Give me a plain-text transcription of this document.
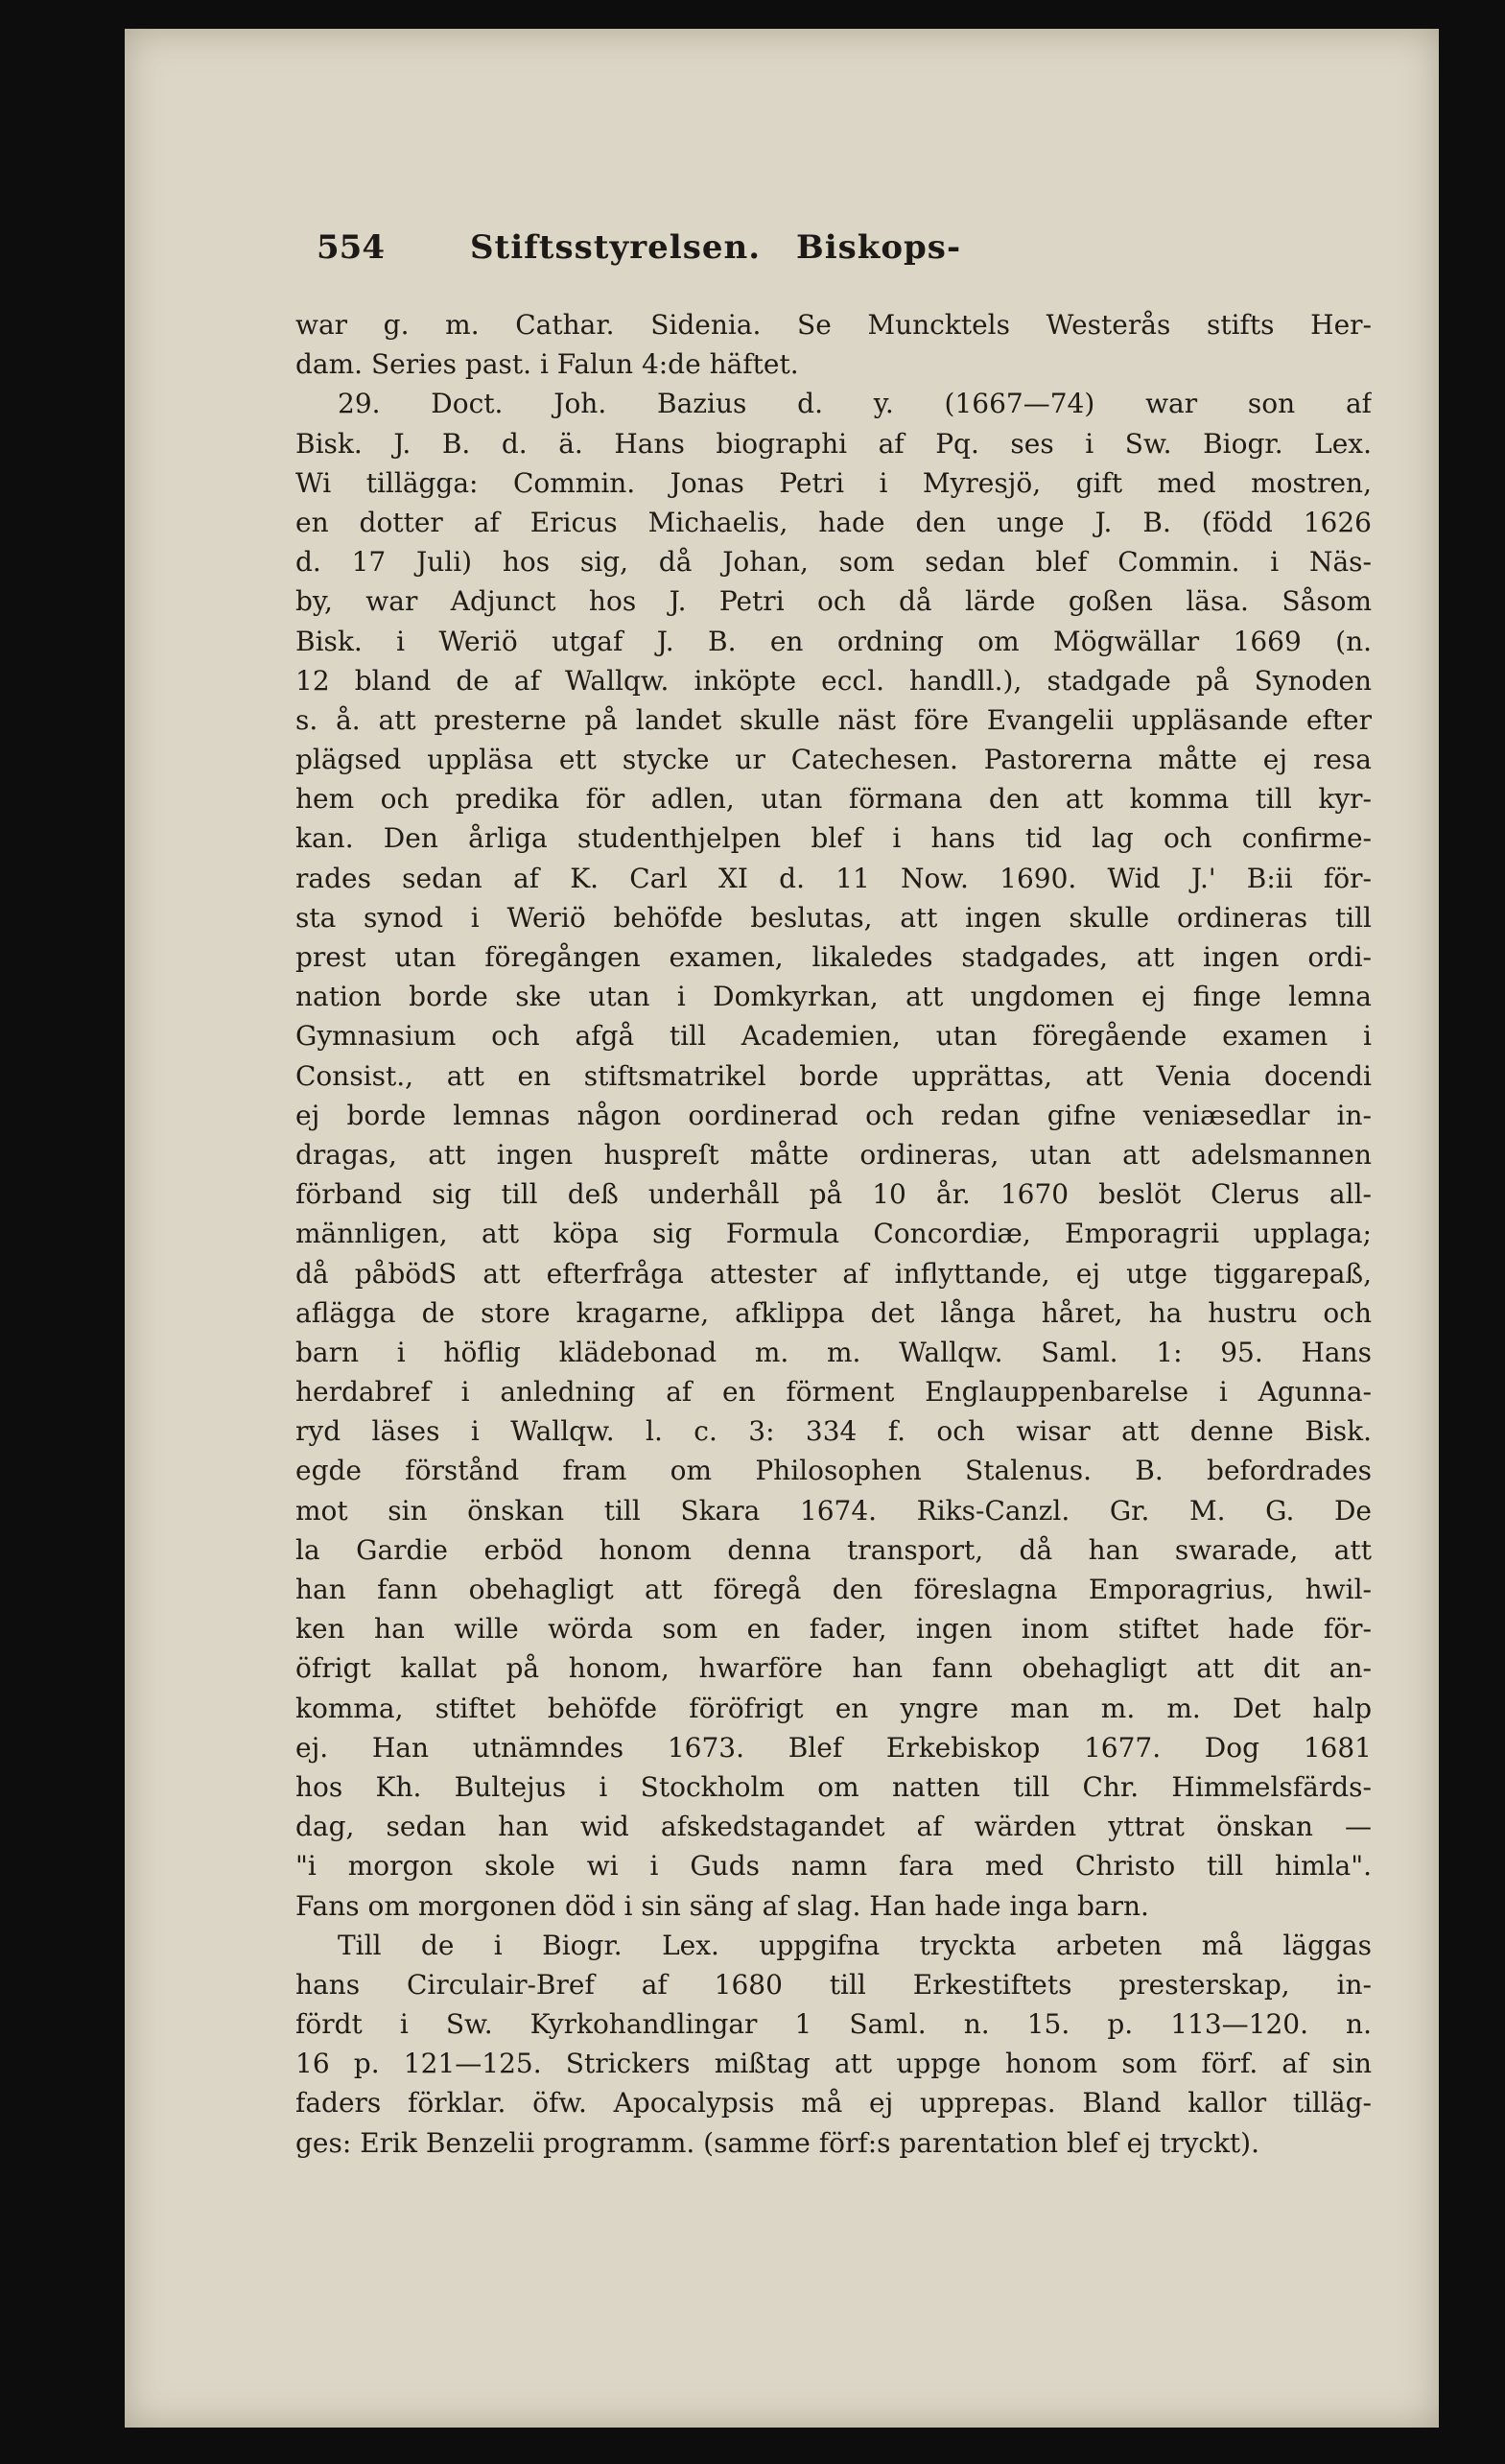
554	Stiftsstyrelsen. Biskops-
war g. m. Cathar. Sidenia. Se Muncktels Westerås stifts Her-
dam. Series past. i Falun 4:de häftet.
29. Doct. Joh. Bazius d. y. (1667—74) war son af
Bisk. J. B. d. ä. Hans biographi af Pq. ses i Sw. Biogr. Lex.
Wi tillägga: Commin. Jonas Petri i Myresjö, gift med mostren,
en dotter af Ericus Michaelis, hade den unge J. B. (född 1626
d. 17 Juli) hos sig, då Johan, som sedan blef Commin. i Näs-
by, war Adjunct hos J. Petri och då lärde goßen läsa. Såsom
Bisk. i Weriö utgaf J. B. en ordning om Mögwällar 1669 (n.
12 bland de af Wallqw. inköpte eccl. handll.), stadgade på Synoden
s. å. att presterne på landet skulle näst före Evangelii uppläsande efter
plägsed uppläsa ett stycke ur Catechesen. Pastorerna måtte ej resa
hem och predika för adlen, utan förmana den att komma till kyr-
kan. Den årliga studenthjelpen blef i hans tid lag och confirme-
rades sedan af K. Carl XI d. 11 Now. 1690. Wid J.' B:ii för-
sta synod i Weriö behöfde beslutas, att ingen skulle ordineras till
prest utan föregången examen, likaledes stadgades, att ingen ordi-
nation borde ske utan i Domkyrkan, att ungdomen ej finge lemna
Gymnasium och afgå till Academien, utan föregående examen i
Consist., att en stiftsmatrikel borde upprättas, att Venia docendi
ej borde lemnas någon oordinerad och redan gifne veniæsedlar in-
dragas, att ingen huspreſt måtte ordineras, utan att adelsmannen
förband sig till deß underhåll på 10 år. 1670 beslöt Clerus all-
männligen, att köpa sig Formula Concordiæ, Emporagrii upplaga;
då påbödS att efterfråga attester af inflyttande, ej utge tiggarepaß,
aflägga de store kragarne, afklippa det långa håret, ha hustru och
barn i höflig klädebonad m. m. Wallqw. Saml. 1: 95. Hans
herdabref i anledning af en förment Englauppenbarelse i Agunna-
ryd läses i Wallqw. l. c. 3: 334 f. och wisar att denne Bisk.
egde förstånd fram om Philosophen Stalenus. B. befordrades
mot sin önskan till Skara 1674. Riks-Canzl. Gr. M. G. De
la Gardie erböd honom denna transport, då han swarade, att
han fann obehagligt att föregå den föreslagna Emporagrius, hwil-
ken han wille wörda som en fader, ingen inom stiftet hade för-
öfrigt kallat på honom, hwarföre han fann obehagligt att dit an-
komma, stiftet behöfde föröfrigt en yngre man m. m. Det halp
ej. Han utnämndes 1673. Blef Erkebiskop 1677. Dog 1681
hos Kh. Bultejus i Stockholm om natten till Chr. Himmelsfärds-
dag, sedan han wid afskedstagandet af wärden yttrat önskan —
"i morgon skole wi i Guds namn fara med Christo till himla".
Fans om morgonen död i sin säng af slag. Han hade inga barn.
Till de i Biogr. Lex. uppgifna tryckta arbeten må läggas
hans Circulair-Bref af 1680 till Erkestiftets presterskap, in-
fördt i Sw. Kyrkohandlingar 1 Saml. n. 15. p. 113—120. n.
16 p. 121—125. Strickers mißtag att uppge honom som förf. af sin
faders förklar. öfw. Apocalypsis må ej upprepas. Bland kallor tilläg-
ges: Erik Benzelii programm. (samme förf:s parentation blef ej tryckt).
